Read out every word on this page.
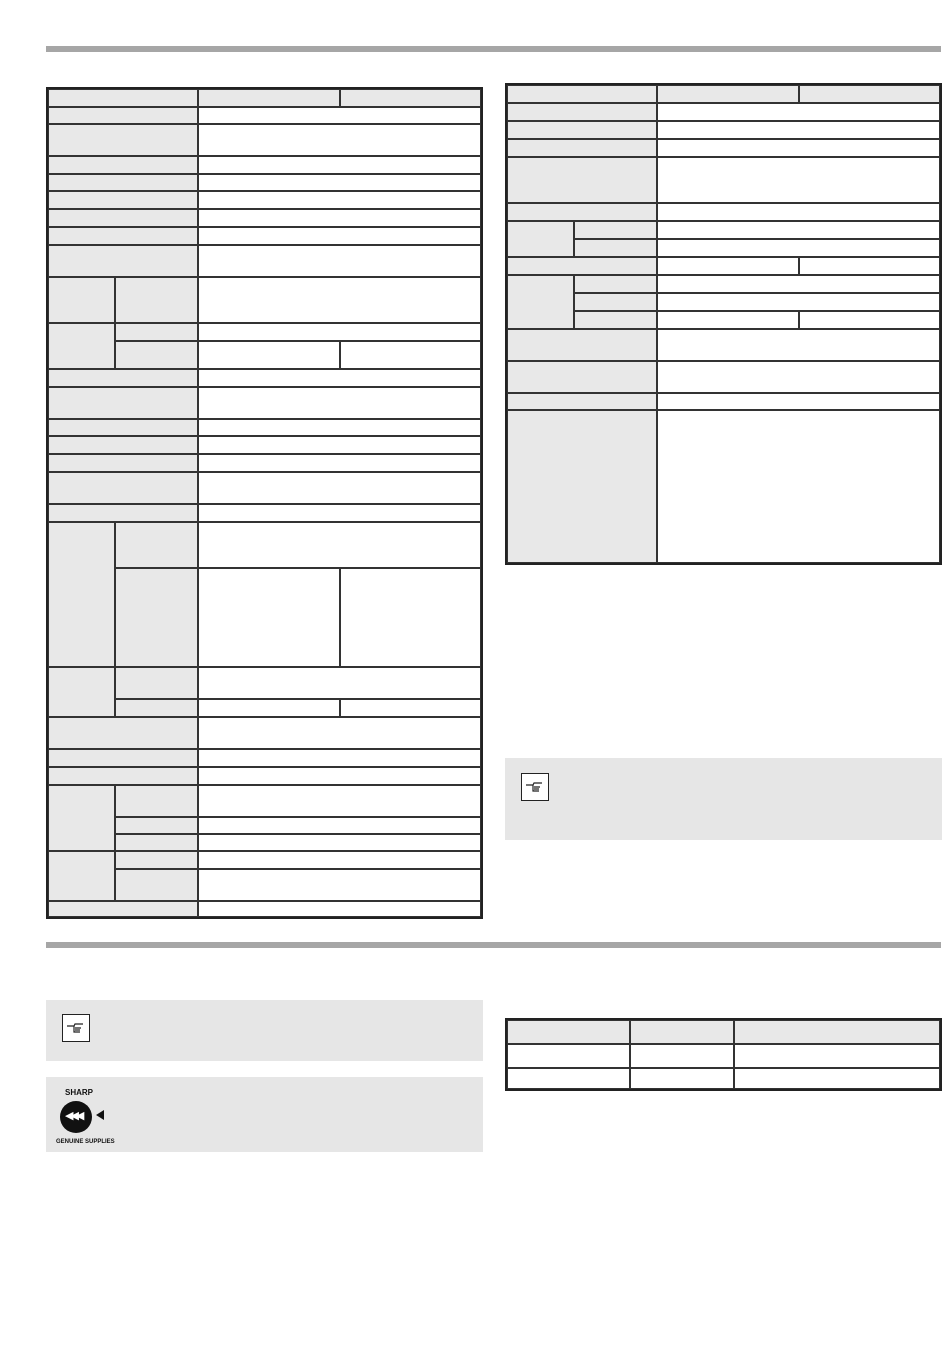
SHARP
◀◀◀
GENUINE SUPPLIES
